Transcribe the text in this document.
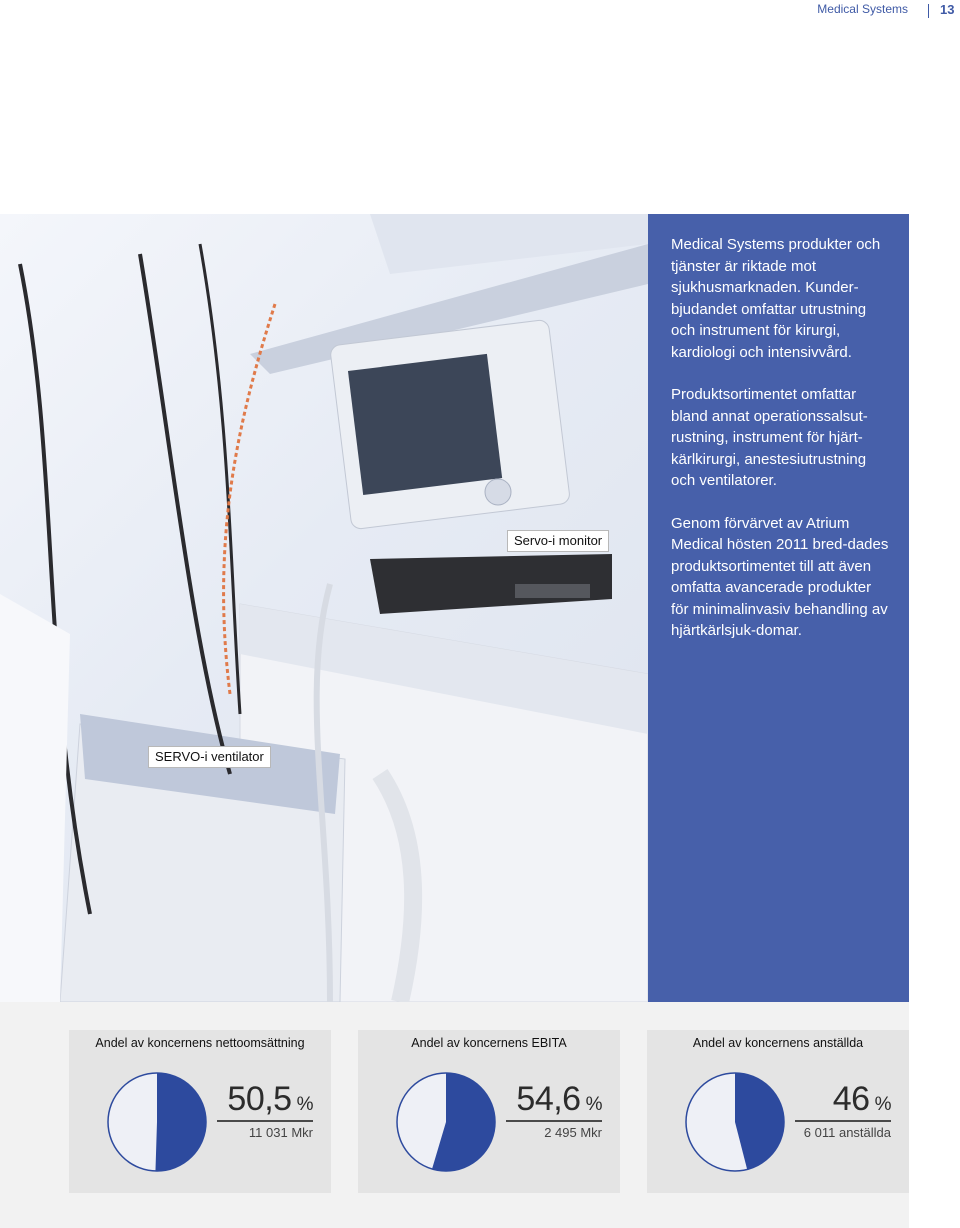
Medical Systems 13
Servo-i monitor
SERVO-i ventilator

Medical Systems produkter och tjänster är riktade mot sjukhusmarknaden. Kunder-bjudandet omfattar utrustning och instrument för kirurgi, kardiologi och intensivvård.

Produktsortimentet omfattar bland annat operationssalsut-rustning, instrument för hjärt-kärlkirurgi, anestesiutrustning och ventilatorer.

Genom förvärvet av Atrium Medical hösten 2011 bred-dades produktsortimentet till att även omfatta avancerade produkter för minimalinvasiv behandling av hjärtkärlsjuk-domar.

Andel av koncernens nettoomsättning
50,5 %
11 031 Mkr
Andel av koncernens EBITA
54,6 %
2 495 Mkr
Andel av koncernens anställda
46 %
6 011 anställda
